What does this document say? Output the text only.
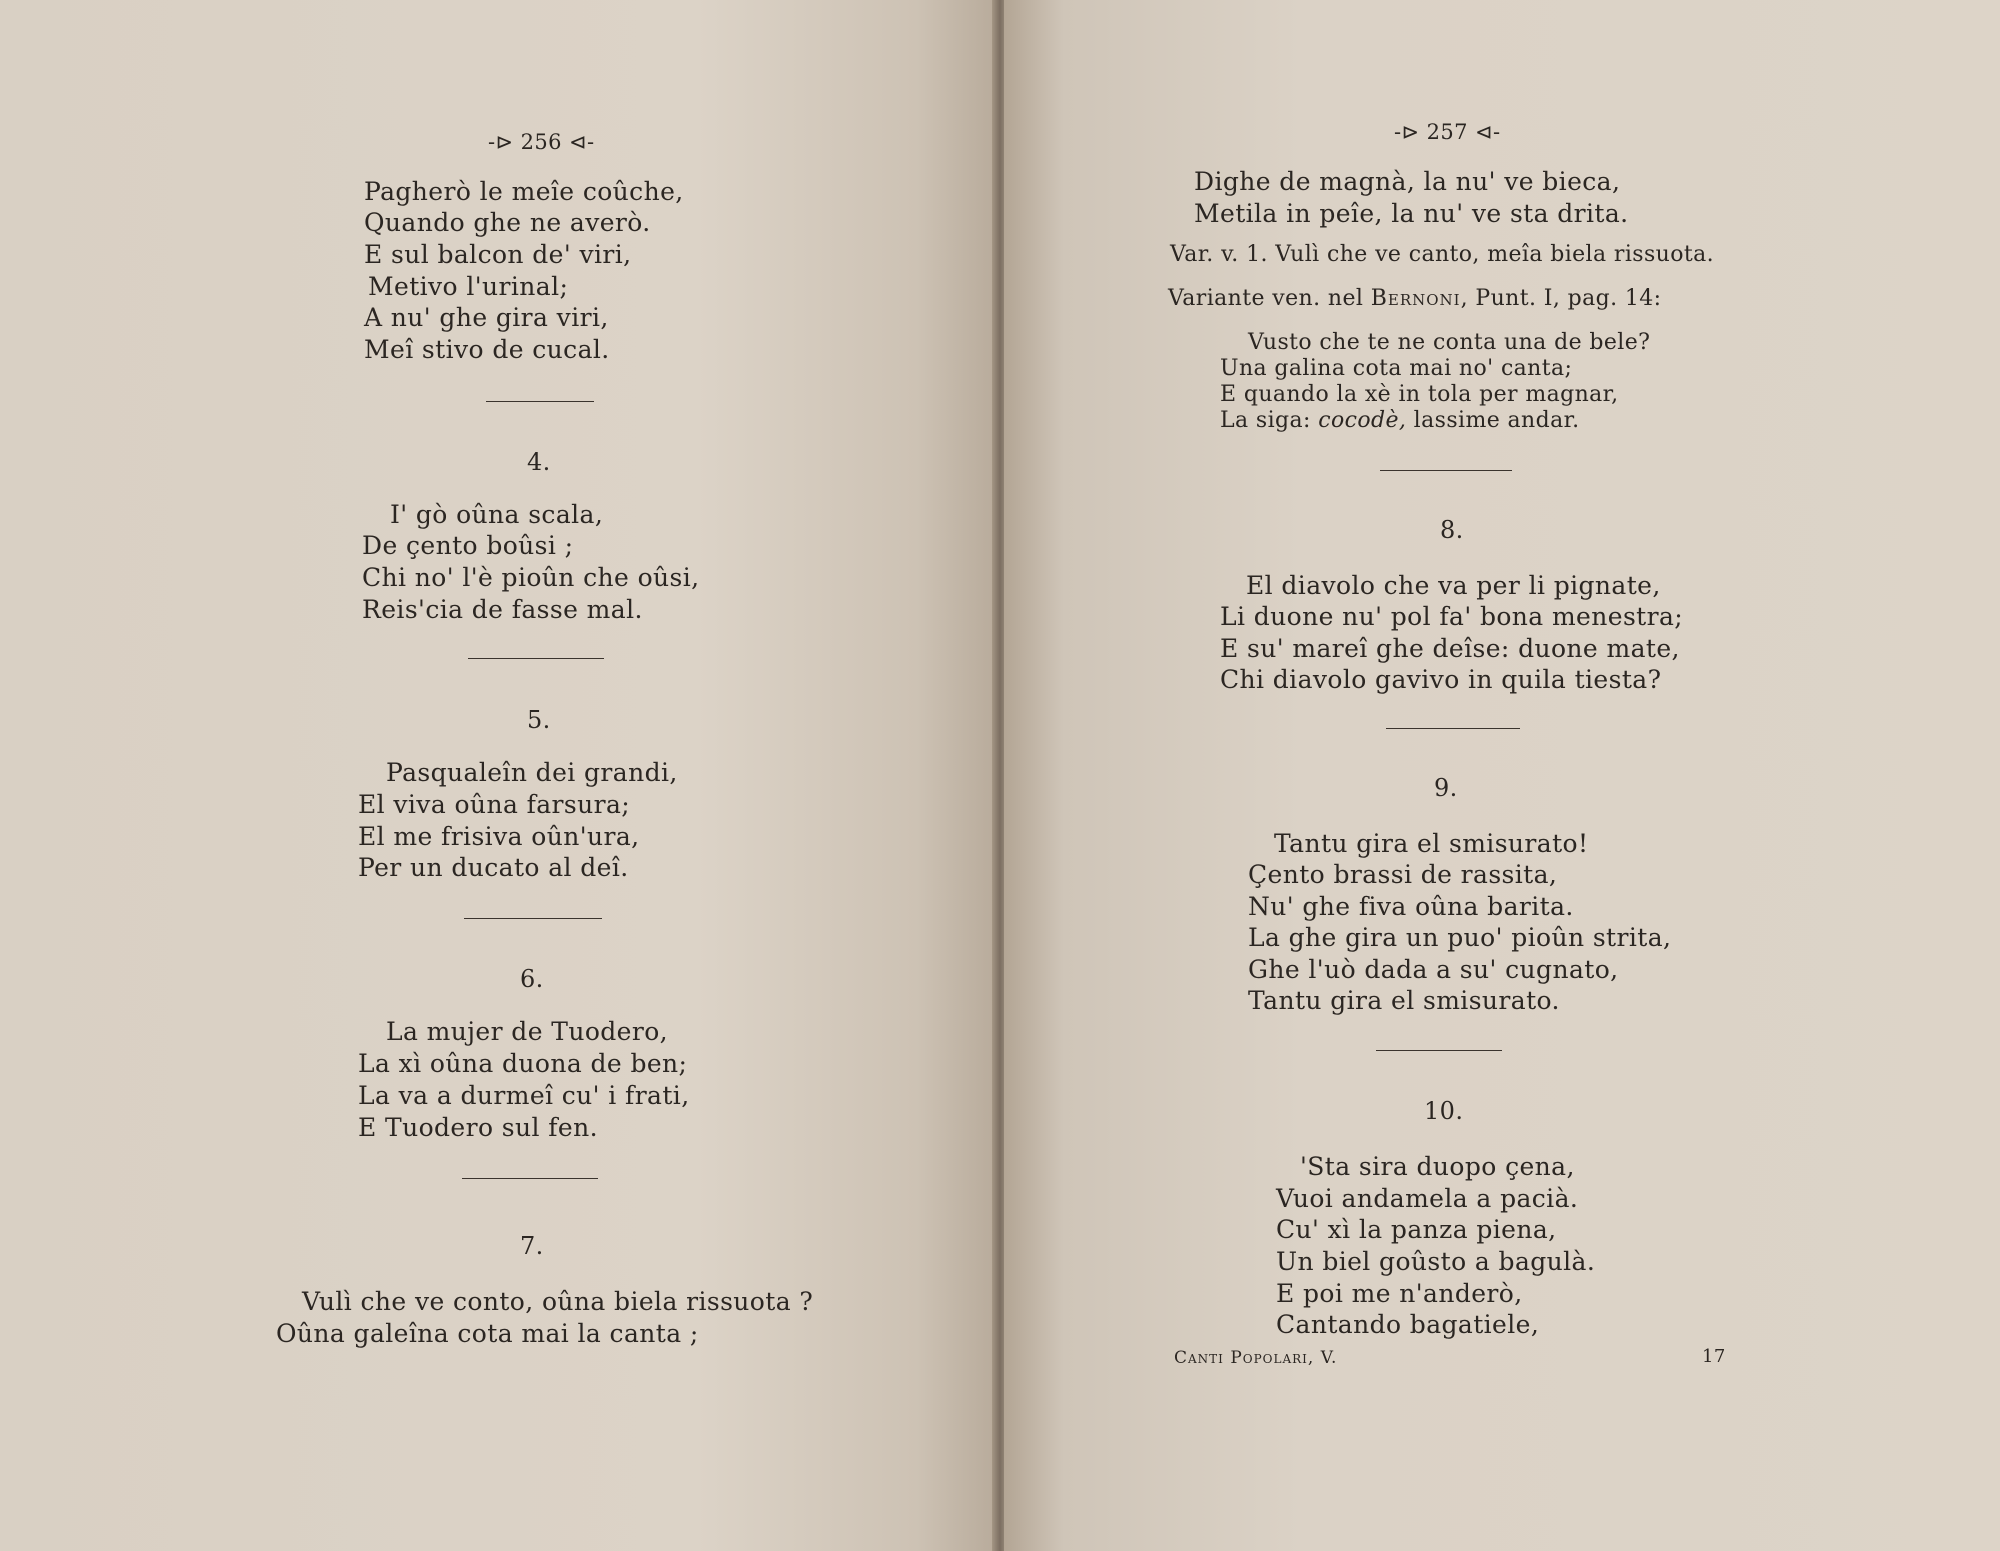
-⊳ 256 ⊲-
Pagherò le meîe coûche,
Quando ghe ne averò.
E sul balcon de' viri,
Metivo l'urinal;
A nu' ghe gira viri,
Meî stivo de cucal.
4.
I' gò oûna scala,
De çento boûsi ;
Chi no' l'è pioûn che oûsi,
Reis'cia de fasse mal.
5.
Pasqualeîn dei grandi,
El viva oûna farsura;
El me frisiva oûn'ura,
Per un ducato al deî.
6.
La mujer de Tuodero,
La xì oûna duona de ben;
La va a durmeî cu' i frati,
E Tuodero sul fen.
7.
Vulì che ve conto, oûna biela rissuota ?
Oûna galeîna cota mai la canta ;
-⊳ 257 ⊲-
Dighe de magnà, la nu' ve bieca,
Metila in peîe, la nu' ve sta drita.
Var. v. 1. Vulì che ve canto, meîa biela rissuota.
Variante ven. nel Bernoni, Punt. I, pag. 14:
Vusto che te ne conta una de bele?
Una galina cota mai no' canta;
E quando la xè in tola per magnar,
La siga: cocodè, lassime andar.
8.
El diavolo che va per li pignate,
Li duone nu' pol fa' bona menestra;
E su' mareî ghe deîse: duone mate,
Chi diavolo gavivo in quila tiesta?
9.
Tantu gira el smisurato!
Çento brassi de rassita,
Nu' ghe fiva oûna barita.
La ghe gira un puo' pioûn strita,
Ghe l'uò dada a su' cugnato,
Tantu gira el smisurato.
10.
'Sta sira duopo çena,
Vuoi andamela a pacià.
Cu' xì la panza piena,
Un biel goûsto a bagulà.
E poi me n'anderò,
Cantando bagatiele,
Canti Popolari, V.	17
